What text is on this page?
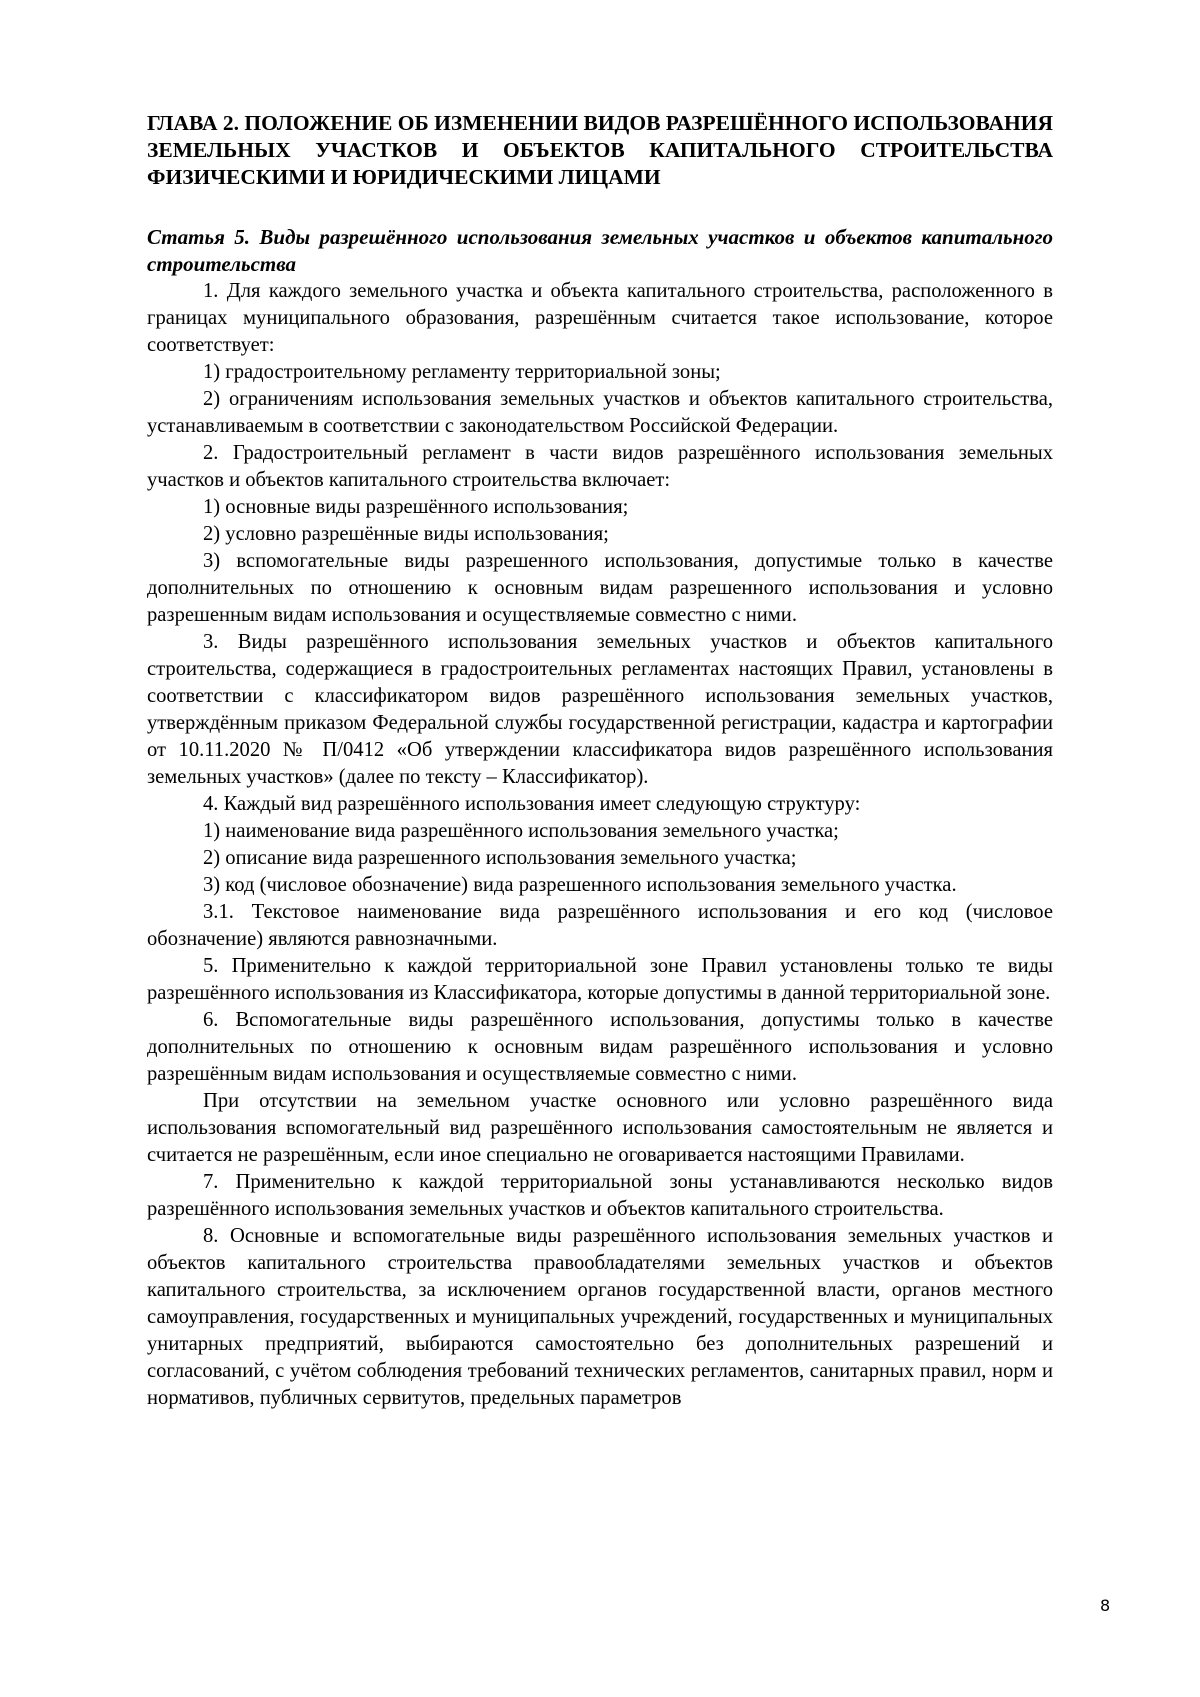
ГЛАВА 2. ПОЛОЖЕНИЕ ОБ ИЗМЕНЕНИИ ВИДОВ РАЗРЕШЁННОГО ИСПОЛЬЗОВАНИЯ ЗЕМЕЛЬНЫХ УЧАСТКОВ И ОБЪЕКТОВ КАПИТАЛЬНОГО СТРОИТЕЛЬСТВА ФИЗИЧЕСКИМИ И ЮРИДИЧЕСКИМИ ЛИЦАМИ
Статья 5. Виды разрешённого использования земельных участков и объектов капитального строительства

1. Для каждого земельного участка и объекта капитального строительства, расположенного в границах муниципального образования, разрешённым считается такое использование, которое соответствует:

1) градостроительному регламенту территориальной зоны;

2) ограничениям использования земельных участков и объектов капитального строительства, устанавливаемым в соответствии с законодательством Российской Федерации.

2. Градостроительный регламент в части видов разрешённого использования земельных участков и объектов капитального строительства включает:

1) основные виды разрешённого использования;

2) условно разрешённые виды использования;

3) вспомогательные виды разрешенного использования, допустимые только в качестве дополнительных по отношению к основным видам разрешенного использования и условно разрешенным видам использования и осуществляемые совместно с ними.

3. Виды разрешённого использования земельных участков и объектов капитального строительства, содержащиеся в градостроительных регламентах настоящих Правил, установлены в соответствии с классификатором видов разрешённого использования земельных участков, утверждённым приказом Федеральной службы государственной регистрации, кадастра и картографии от 10.11.2020 № П/0412 «Об утверждении классификатора видов разрешённого использования земельных участков» (далее по тексту – Классификатор).

4. Каждый вид разрешённого использования имеет следующую структуру:

1) наименование вида разрешённого использования земельного участка;

2) описание вида разрешенного использования земельного участка;

3) код (числовое обозначение) вида разрешенного использования земельного участка.

3.1. Текстовое наименование вида разрешённого использования и его код (числовое обозначение) являются равнозначными.

5. Применительно к каждой территориальной зоне Правил установлены только те виды разрешённого использования из Классификатора, которые допустимы в данной территориальной зоне.

6. Вспомогательные виды разрешённого использования, допустимы только в качестве дополнительных по отношению к основным видам разрешённого использования и условно разрешённым видам использования и осуществляемые совместно с ними.

При отсутствии на земельном участке основного или условно разрешённого вида использования вспомогательный вид разрешённого использования самостоятельным не является и считается не разрешённым, если иное специально не оговаривается настоящими Правилами.

7. Применительно к каждой территориальной зоны устанавливаются несколько видов разрешённого использования земельных участков и объектов капитального строительства.

8. Основные и вспомогательные виды разрешённого использования земельных участков и объектов капитального строительства правообладателями земельных участков и объектов капитального строительства, за исключением органов государственной власти, органов местного самоуправления, государственных и муниципальных учреждений, государственных и муниципальных унитарных предприятий, выбираются самостоятельно без дополнительных разрешений и согласований, с учётом соблюдения требований технических регламентов, санитарных правил, норм и нормативов, публичных сервитутов, предельных параметров

8
